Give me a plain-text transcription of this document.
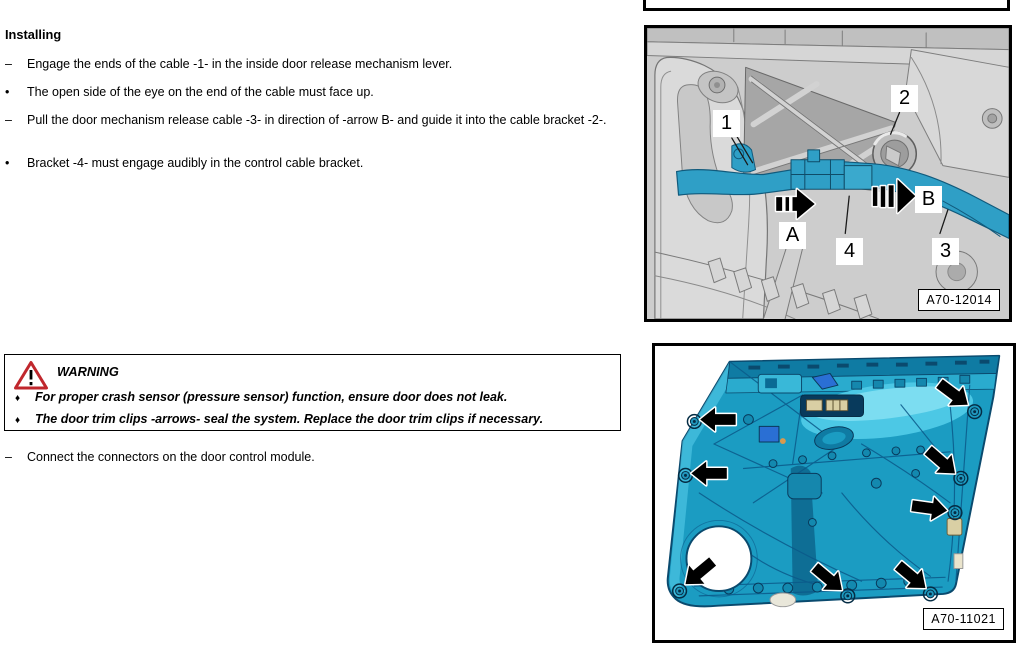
Installing
–	Engage the ends of the cable -1- in the inside door release mechanism lever.
•	The open side of the eye on the end of the cable must face up.
–	Pull the door mechanism release cable -3- in direction of -arrow B- and guide it into the cable bracket -2-.
•	Bracket -4- must engage audibly in the control cable bracket.
WARNING
♦	For proper crash sensor (pressure sensor) function, ensure door does not leak.
♦	The door trim clips -arrows- seal the system. Replace the door trim clips if necessary.
–	Connect the connectors on the door control module.
1
2
A
4	3
B
A70-12014
A70-11021
